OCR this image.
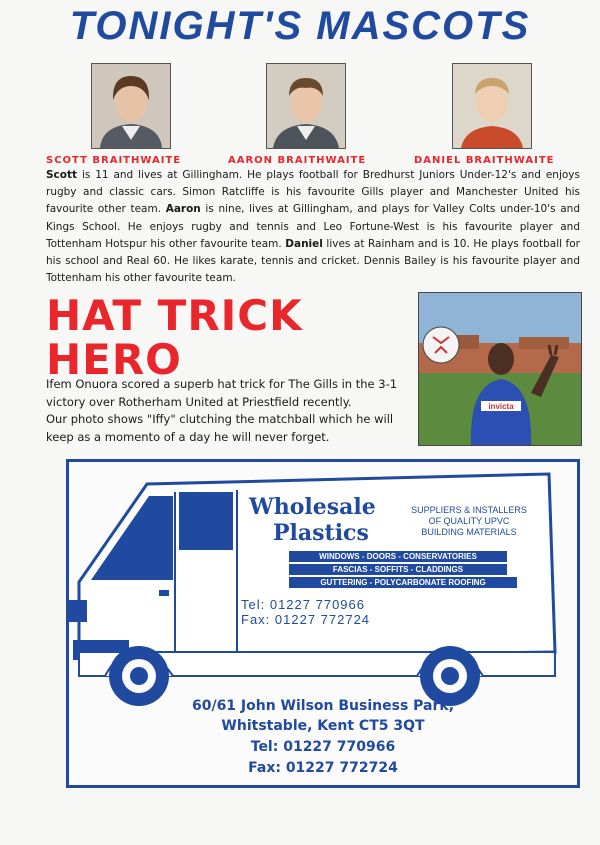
TONIGHT'S MASCOTS
SCOTT BRAITHWAITE	AARON BRAITHWAITE	DANIEL BRAITHWAITE
Scott is 11 and lives at Gillingham. He plays football for Bredhurst Juniors Under-12's and enjoys rugby and classic cars. Simon Ratcliffe is his favourite Gills player and Manchester United his favourite other team. Aaron is nine, lives at Gillingham, and plays for Valley Colts under-10's and Kings School. He enjoys rugby and tennis and Leo Fortune-West is his favourite player and Tottenham Hotspur his other favourite team. Daniel lives at Rainham and is 10. He plays football for his school and Real 60. He likes karate, tennis and cricket. Dennis Bailey is his favourite player and Tottenham his other favourite team.
HAT TRICK
HERO
Ifem Onuora scored a superb hat trick for The Gills in the 3-1
victory over Rotherham United at Priestfield recently.
Our photo shows "Iffy" clutching the matchball which he will
keep as a momento of a day he will never forget.
invicta
Wholesale
Plastics
SUPPLIERS & INSTALLERS
OF QUALITY UPVC
BUILDING MATERIALS
WINDOWS - DOORS - CONSERVATORIES
FASCIAS - SOFFITS - CLADDINGS
GUTTERING - POLYCARBONATE ROOFING
Tel: 01227 770966
Fax: 01227 772724
60/61 John Wilson Business Park,
Whitstable, Kent CT5 3QT
Tel: 01227 770966
Fax: 01227 772724
